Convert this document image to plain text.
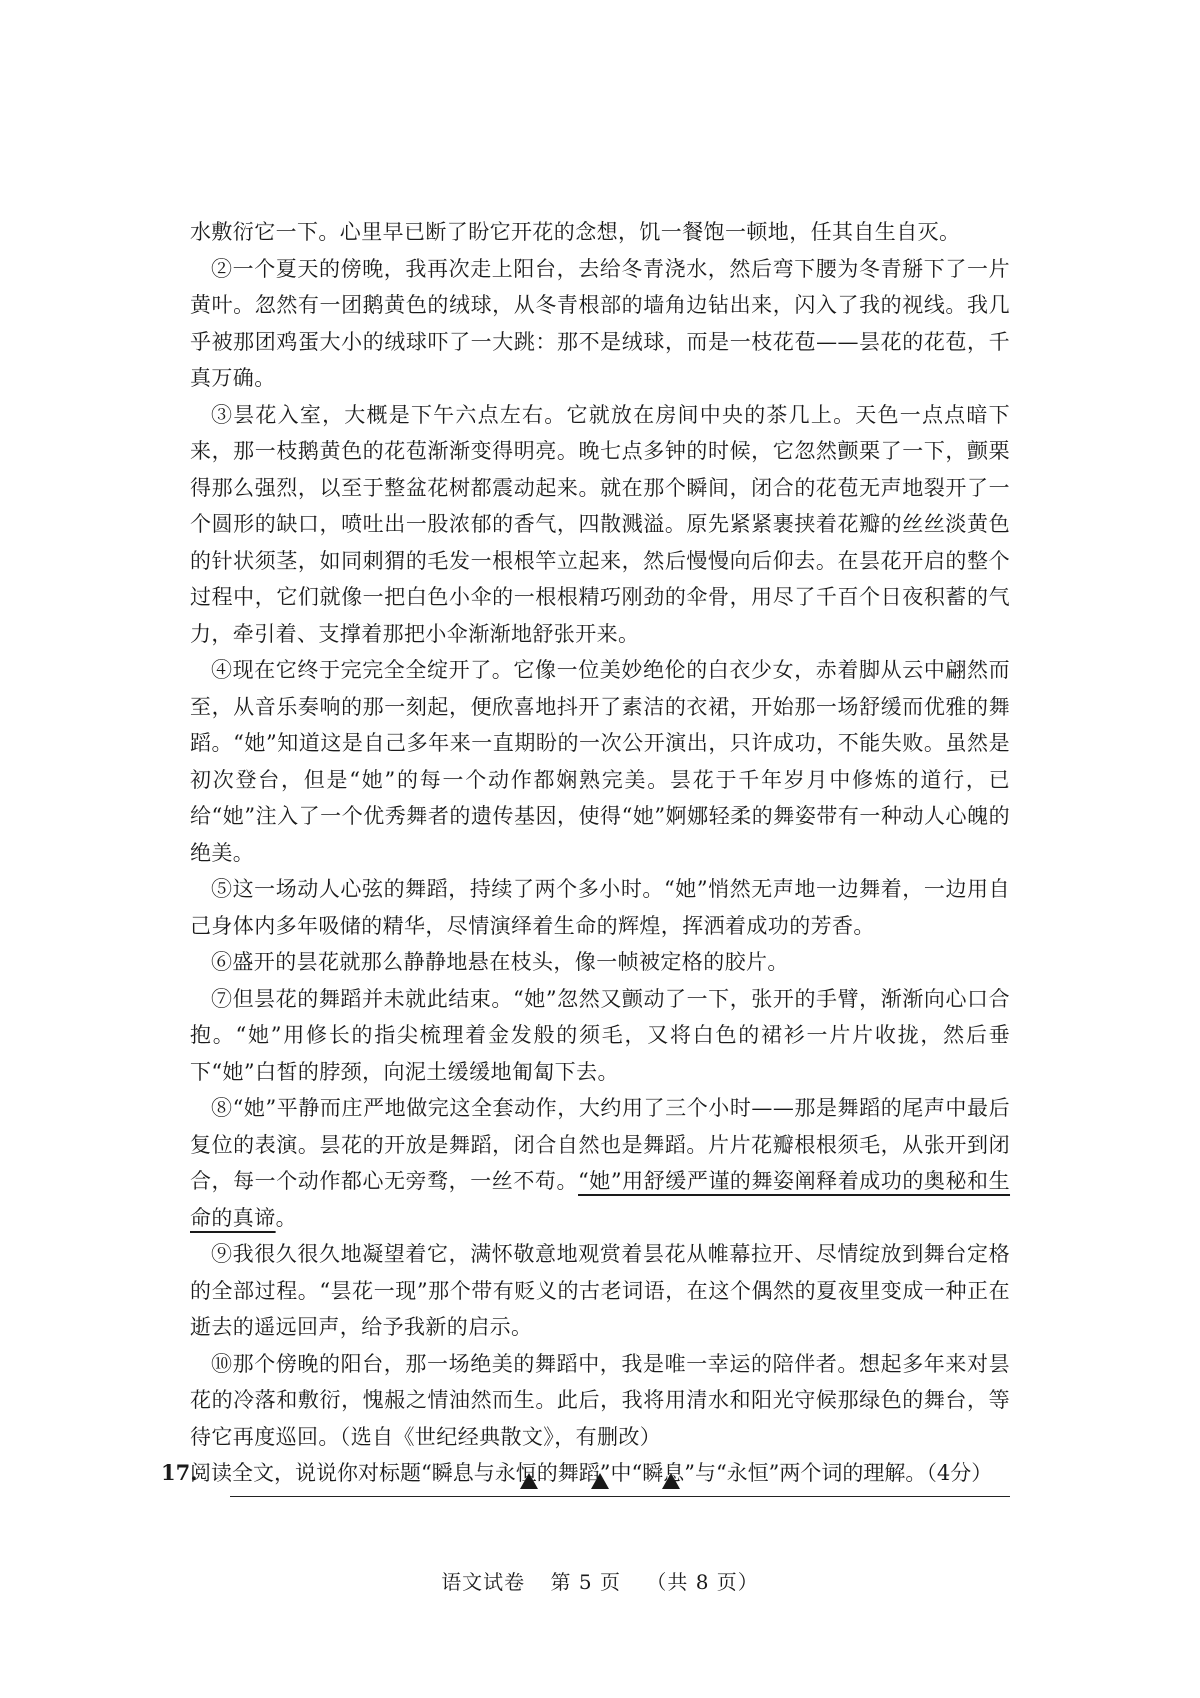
水敷衍它一下。心里早已断了盼它开花的念想，饥一餐饱一顿地，任其自生自灭。

②一个夏天的傍晚，我再次走上阳台，去给冬青浇水，然后弯下腰为冬青掰下了一片黄叶。忽然有一团鹅黄色的绒球，从冬青根部的墙角边钻出来，闪入了我的视线。我几乎被那团鸡蛋大小的绒球吓了一大跳：那不是绒球，而是一枝花苞——昙花的花苞，千真万确。

③昙花入室，大概是下午六点左右。它就放在房间中央的茶几上。天色一点点暗下来，那一枝鹅黄色的花苞渐渐变得明亮。晚七点多钟的时候，它忽然颤栗了一下，颤栗得那么强烈，以至于整盆花树都震动起来。就在那个瞬间，闭合的花苞无声地裂开了一个圆形的缺口，喷吐出一股浓郁的香气，四散溅溢。原先紧紧裹挟着花瓣的丝丝淡黄色的针状须茎，如同刺猬的毛发一根根竿立起来，然后慢慢向后仰去。在昙花开启的整个过程中，它们就像一把白色小伞的一根根精巧刚劲的伞骨，用尽了千百个日夜积蓄的气力，牵引着、支撑着那把小伞渐渐地舒张开来。

④现在它终于完完全全绽开了。它像一位美妙绝伦的白衣少女，赤着脚从云中翩然而至，从音乐奏响的那一刻起，便欣喜地抖开了素洁的衣裙，开始那一场舒缓而优雅的舞蹈。“她”知道这是自己多年来一直期盼的一次公开演出，只许成功，不能失败。虽然是初次登台，但是“她”的每一个动作都娴熟完美。昙花于千年岁月中修炼的道行，已给“她”注入了一个优秀舞者的遗传基因，使得“她”婀娜轻柔的舞姿带有一种动人心魄的绝美。

⑤这一场动人心弦的舞蹈，持续了两个多小时。“她”悄然无声地一边舞着，一边用自己身体内多年吸储的精华，尽情演绎着生命的辉煌，挥洒着成功的芳香。

⑥盛开的昙花就那么静静地悬在枝头，像一帧被定格的胶片。

⑦但昙花的舞蹈并未就此结束。“她”忽然又颤动了一下，张开的手臂，渐渐向心口合抱。“她”用修长的指尖梳理着金发般的须毛，又将白色的裙衫一片片收拢，然后垂下“她”白皙的脖颈，向泥土缓缓地匍匐下去。

⑧“她”平静而庄严地做完这全套动作，大约用了三个小时——那是舞蹈的尾声中最后复位的表演。昙花的开放是舞蹈，闭合自然也是舞蹈。片片花瓣根根须毛，从张开到闭合，每一个动作都心无旁骛，一丝不苟。“她”用舒缓严谨的舞姿阐释着成功的奥秘和生命的真谛。

⑨我很久很久地凝望着它，满怀敬意地观赏着昙花从帷幕拉开、尽情绽放到舞台定格的全部过程。“昙花一现”那个带有贬义的古老词语，在这个偶然的夏夜里变成一种正在逝去的遥远回声，给予我新的启示。

⑩那个傍晚的阳台，那一场绝美的舞蹈中，我是唯一幸运的陪伴者。想起多年来对昙花的冷落和敷衍，愧赧之情油然而生。此后，我将用清水和阳光守候那绿色的舞台，等待它再度巡回。（选自《世纪经典散文》，有删改）

17.
阅读全文，说说你对标题“瞬息与永恒的舞蹈”中“瞬息”与“永恒”两个词的理解。（4分）
语文试卷 第 5 页 （共 8 页）
